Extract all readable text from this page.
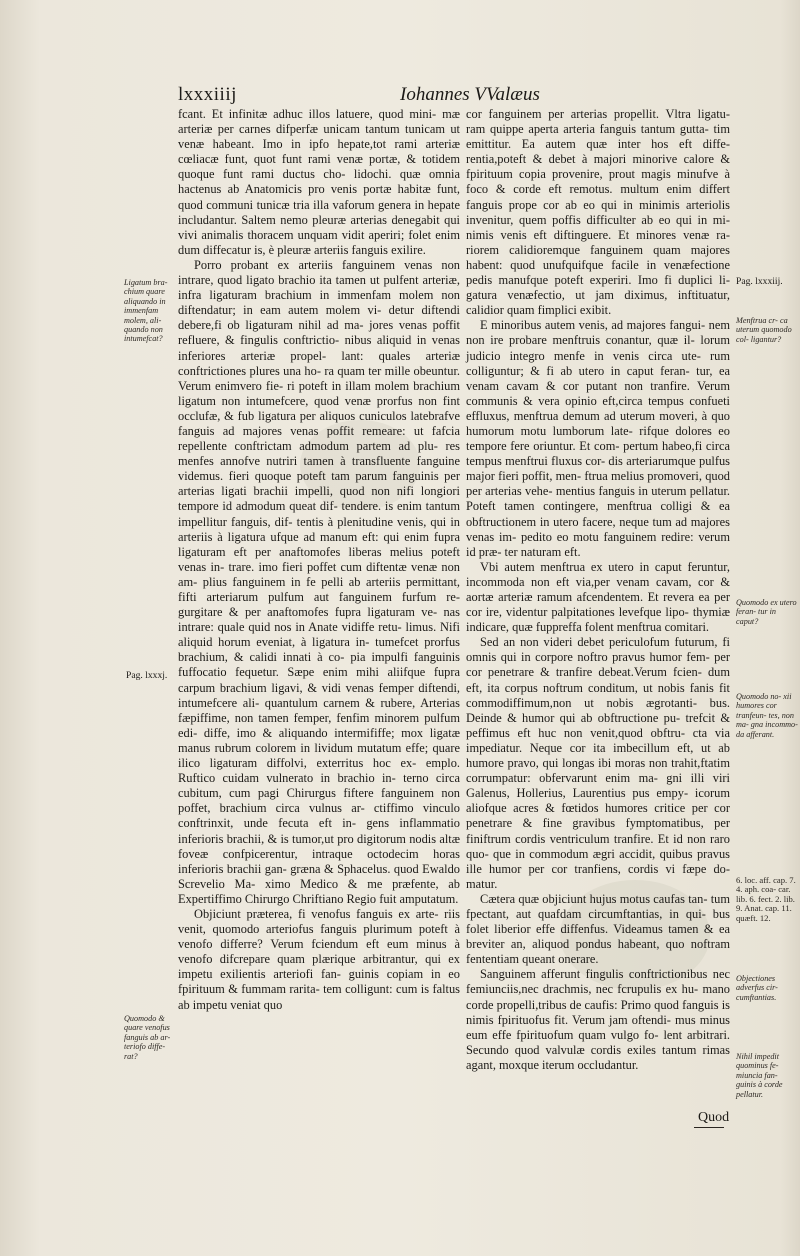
lxxxiiij	Iohannes VValæus

fcant. Et infinitæ adhuc illos latuere, quod mini- mæ arteriæ per carnes difperfæ unicam tantum tunicam ut venæ habeant. Imo in ipfo hepate,tot rami arteriæ cœliacæ funt, quot funt rami venæ portæ, & totidem quoque funt rami ductus cho- lidochi. quæ omnia hactenus ab Anatomicis pro venis portæ habitæ funt, quod communi tunicæ tria illa vaforum genera in hepate includantur. Saltem nemo pleuræ arterias denegabit qui vivi animalis thoracem unquam vidit aperiri; folet enim dum diffecatur is, è pleuræ arteriis fanguis exilire.

Porro probant ex arteriis fanguinem venas non intrare, quod ligato brachio ita tamen ut pulfent arteriæ, infra ligaturam brachium in immenfam molem non diftendatur; in eam autem molem vi- detur diftendi debere,fi ob ligaturam nihil ad ma- jores venas poffit refluere, & fingulis conftrictio- nibus aliquid in venas inferiores arteriæ propel- lant: quales arteriæ conftrictiones plures una ho- ra quam ter mille obeuntur. Verum enimvero fie- ri poteft in illam molem brachium ligatum non intumefcere, quod venæ prorfus non fint occlufæ, & fub ligatura per aliquos cuniculos latebrafve fanguis ad majores venas poffit remeare: ut fafcia repellente conftrictam admodum partem ad plu- res menfes annofve nutriri tamen à transfluente fanguine videmus. fieri quoque poteft tam parum fanguinis per arterias ligati brachii impelli, quod non nifi longiori tempore id admodum queat dif- tendere. is enim tantum impellitur fanguis, dif- tentis à plenitudine venis, qui in arteriis à ligatura ufque ad manum eft: qui enim fupra ligaturam eft per anaftomofes liberas melius poteft venas in- trare. imo fieri poffet cum diftentæ venæ non am- plius fanguinem in fe pelli ab arteriis permittant, fifti arteriarum pulfum aut fanguinem furfum re- gurgitare & per anaftomofes fupra ligaturam ve- nas intrare: quale quid nos in Anate vidiffe retu- limus. Nifi aliquid horum eveniat, à ligatura in- tumefcet prorfus brachium, & calidi innati à co- pia impulfi fanguinis fuffocatio fequetur. Sæpe enim mihi aliifque fupra carpum brachium ligavi, & vidi venas femper diftendi, intumefcere ali- quantulum carnem & rubere, Arterias fæpiffime, non tamen femper, fenfim minorem pulfum edi- diffe, imo & aliquando intermififfe; mox ligatæ manus rubrum colorem in lividum mutatum effe; quare ilico ligaturam diffolvi, exterritus hoc ex- emplo. Rufticо cuidam vulnerato in brachio in- terno circa cubitum, cum pagi Chirurgus fiftere fanguinem non poffet, brachium circa vulnus ar- ctiffimo vinculo conftrinxit, unde fecuta eft in- gens inflammatio inferioris brachii, & is tumor,ut pro digitorum nodis altæ foveæ confpicerentur, intraque octodecim horas inferioris brachii gan- græna & Sphacelus. quod Ewaldo Screvelio Ma- ximo Medico & me præfente, ab Expertiffimo Chirurgo Chriftiano Regio fuit amputatum.

Objiciunt præterea, fi venofus fanguis ex arte- riis venit, quomodo arteriofus fanguis plurimum poteft à venofo differre? Verum fciendum eft eum minus à venofo difcrepare quam plærique arbitrantur, qui ex impetu exilientis arteriofi fan- guinis copiam in eo fpirituum & fummam rarita- tem colligunt: cum is faltus ab impetu veniat quo

cor fanguinem per arterias propellit. Vltra ligatu- ram quippe aperta arteria fanguis tantum gutta- tim emittitur. Ea autem quæ inter hos eft diffe- rentia,poteft & debet à majori minorive calore & fpirituum copia provenire, prout magis minufve à foco & corde eft remotus. multum enim differt fanguis prope cor ab eo qui in minimis arteriolis invenitur, quem poffis difficulter ab eo qui in mi- nimis venis eft diftinguere. Et minores venæ ra- riorem calidioremque fanguinem quam majores habent: quod unufquifque facile in venæfectione pedis manufque poteft experiri. Imo fi duplici li- gatura venæfectio, ut jam diximus, inftituatur, calidior quam fimplici exibit.

E minoribus autem venis, ad majores fangui- nem non ire probare menftruis conantur, quæ il- lorum judicio integro menfe in venis circa ute- rum colliguntur; & fi ab utero in caput feran- tur, ea venam cavam & cor putant non tranfire. Verum communis & vera opinio eft,circa tempus confueti effluxus, menftrua demum ad uterum moveri, à quo humorum motu lumborum late- rifque dolores eo tempore fere oriuntur. Et com- pertum habeo,fi circa tempus menftrui fluxus cor- dis arteriarumque pulfus major fieri poffit, men- ftrua melius promoveri, quod per arterias vehe- mentius fanguis in uterum pellatur. Poteft tamen contingere, menftrua colligi & ea obftructionem in utero facere, neque tum ad majores venas im- pedito eo motu fanguinem redire: verum id præ- ter naturam eft.

Vbi autem menftrua ex utero in caput feruntur, incommoda non eft via,per venam cavam, cor & aortæ arteriæ ramum afcendentem. Et revera ea per cor ire, videntur palpitationes levefque lipo- thymiæ indicare, quæ fuppreffa folent menftrua comitari.

Sed an non videri debet periculofum futurum, fi omnis qui in corpore noftro pravus humor fem- per cor penetrare & tranfire debeat.Verum fcien- dum eft, ita corpus noftrum conditum, ut nobis fanis fit commodiffimum,non ut nobis ægrotanti- bus. Deinde & humor qui ab obftructione pu- trefcit & peffimus eft huc non venit,quod obftru- cta via impediatur. Neque cor ita imbecillum eft, ut ab humore pravo, qui longas ibi moras non trahit,ftatim corrumpatur: obfervarunt enim ma- gni illi viri Galenus, Hollerius, Laurentius pus empy- icorum aliofque acres & fœtidos humores critice per cor penetrare & fine gravibus fymptomatibus, per finiftrum cordis ventriculum tranfire. Et id non raro quo- que in commodum ægri accidit, quibus pravus ille humor per cor tranfiens, cordis vi fæpe do- matur.

Cætera quæ objiciunt hujus motus caufas tan- tum fpectant, aut quafdam circumftantias, in qui- bus folet liberior effe diffenfus. Videamus tamen & ea breviter an, aliquod pondus habeant, quo noftram fententiam queant onerare.

Sanguinem afferunt fingulis conftrictionibus nec femiunciis,nec drachmis, nec fcrupulis ex hu- mano corde propelli,tribus de caufis: Primo quod fanguis is nimis fpirituofus fit. Verum jam oftendi- mus minus eum effe fpirituofum quam vulgo fo- lent arbitrari. Secundo quod valvulæ cordis exiles tantum rimas agant, moxque iterum occludantur.

Ligatum bra- chium quare aliquando in immenfam molem, ali- quando non intumefcat?
Pag. lxxxj.
Quomodo & quare venofus fanguis ab ar- teriofo diffe- rat?
Pag. lxxxiij.
Menftrua cr- ca uterum quomodo col- ligantur?
Quomodo ex utero feran- tur in caput?
Quomodo no- xii humores cor tranfeun- tes, non ma- gna incommo- da afferant.
6. loc. aff. cap. 7. 4. aph. coa- car. lib. 6. fect. 2. lib. 9. Anat. cap. 11. quæft. 12.
Objectiones adverfus cir- cumftantias.
Nihil impedit quominus fe- miuncia fan- guinis à corde pellatur.
Quod
